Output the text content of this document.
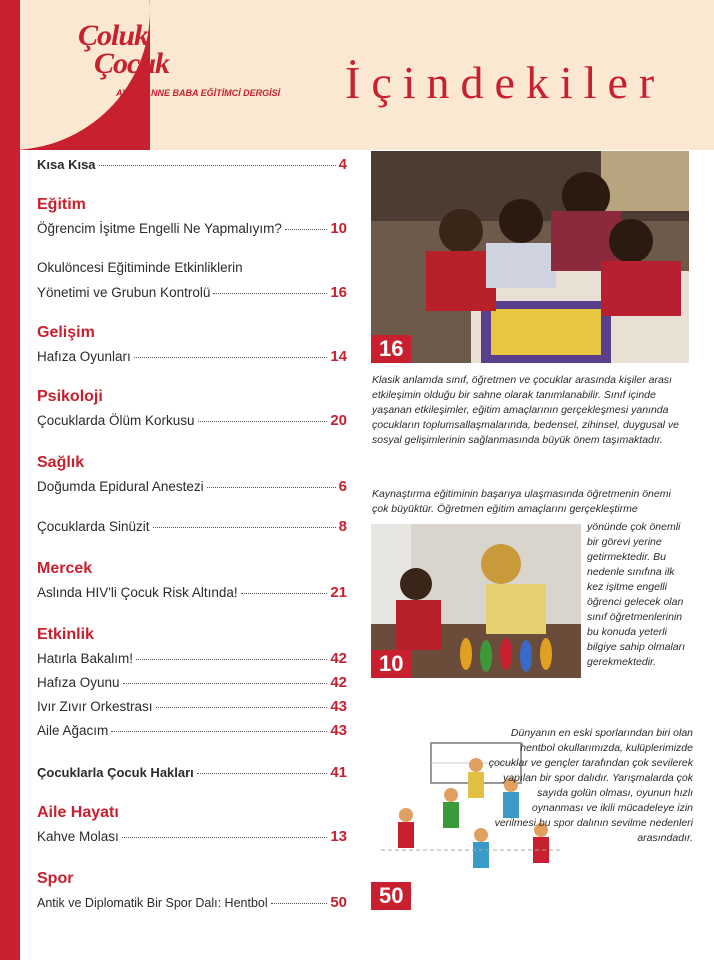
Çoluk
Çocuk
AYLIK ANNE BABA EĞİTİMCİ DERGİSİ İçindekiler
Kısa Kısa	4
Eğitim
Öğrencim İşitme Engelli Ne Yapmalıyım?	10
Okulöncesi Eğitiminde Etkinliklerin
Yönetimi ve Grubun Kontrolü	16
Gelişim
Hafıza Oyunları	14
Psikoloji
Çocuklarda Ölüm Korkusu	20
Sağlık
Doğumda Epidural Anestezi	6
Çocuklarda Sinüzit	8
Mercek
Aslında HIV'li Çocuk Risk Altında!	21
Etkinlik
Hatırla Bakalım!	42
Hafıza Oyunu	42
Ivır Zıvır Orkestrası	43
Aile Ağacım	43
Çocuklarla Çocuk Hakları	41
Aile Hayatı
Kahve Molası	13
Spor
Antik ve Diplomatik Bir Spor Dalı: Hentbol	50
16
Klasik anlamda sınıf, öğretmen ve çocuklar arasında kişiler arası etkileşimin olduğu bir sahne olarak tanımlanabilir. Sınıf içinde yaşanan etkileşimler, eğitim amaçlarının gerçekleşmesi yanında çocukların toplumsallaşmalarında, bedensel, zihinsel, duygusal ve sosyal gelişimlerinin sağlanmasında büyük önem taşımaktadır.
Kaynaştırma eğitiminin başarıya ulaşmasında öğretmenin önemi çok büyüktür. Öğretmen eğitim amaçlarını gerçekleştirme
10
yönünde çok önemli bir görevi yerine getirmektedir. Bu nedenle sınıfına ilk kez işitme engelli öğrenci gelecek olan sınıf öğretmenlerinin bu konuda yeterli bilgiye sahip olmaları gerekmektedir.
50
Dünyanın en eski sporlarından biri olan hentbol okullarımızda, kulüplerimizde çocuklar ve gençler tarafından çok sevilerek yapılan bir spor dalıdır. Yarışmalarda çok sayıda golün olması, oyunun hızlı oynanması ve ikili mücadeleye izin verilmesi bu spor dalının sevilme nedenleri arasındadır.
